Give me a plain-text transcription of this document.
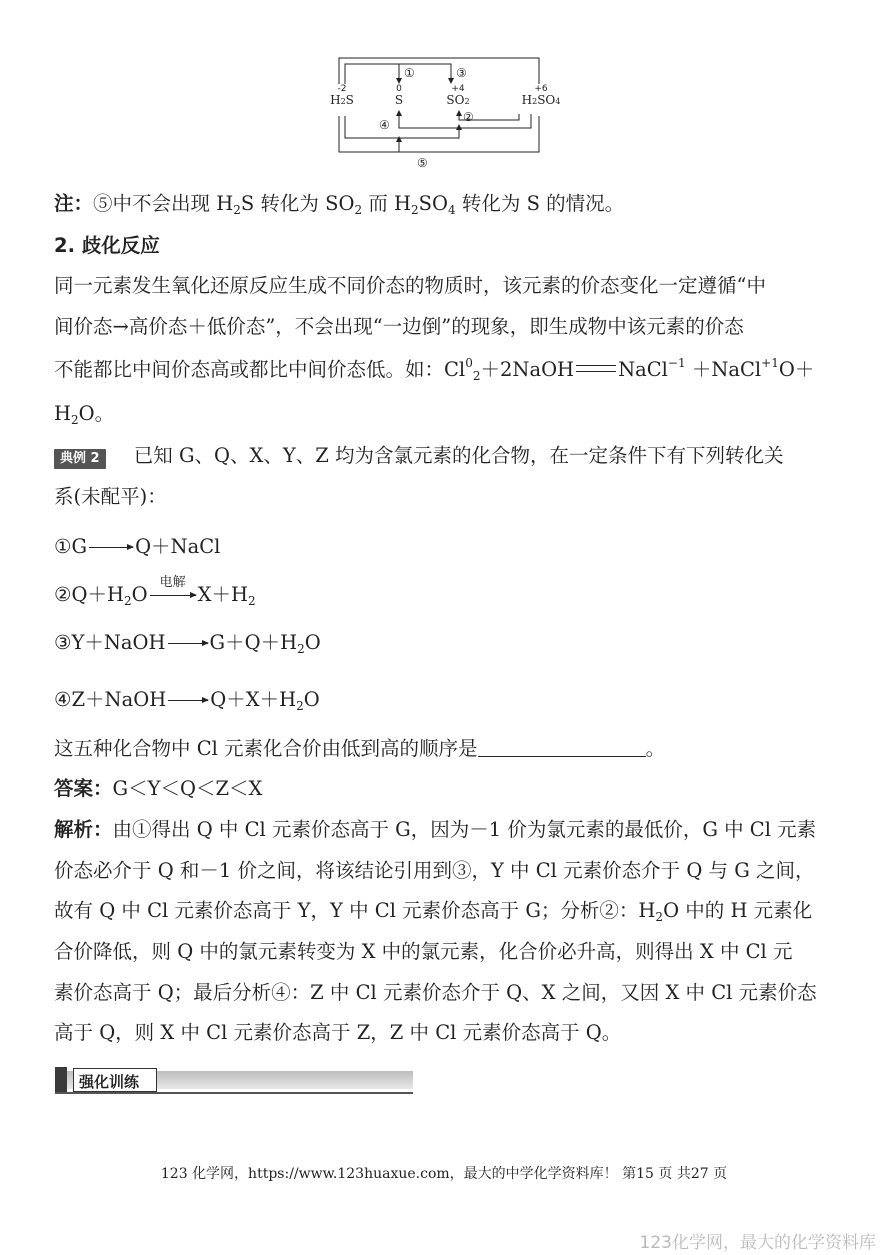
-2
H2S
0
S
+4
SO2
+6
H2SO4
①	③
②
④
⑤
注：⑤中不会出现 $H_2S$ 转化为 $SO_2$ 而 $H_2SO_4$ 转化为 S 的情况。
2. 歧化反应
同一元素发生氧化还原反应生成不同价态的物质时，该元素的价态变化一定遵循“中
间价态→高价态＋低价态”，不会出现“一边倒”的现象，即生成物中该元素的价态
不能都比中间价态高或都比中间价态低。如：$Cl^0_2+2NaOH$ NaCl$^{-1}$ ＋NaCl$^{+1}$O＋
$H_2O$。
典例 2 已知 G、Q、X、Y、Z 均为含氯元素的化合物，在一定条件下有下列转化关
系(未配平)：
①G Q＋NaCl
$②Q+H_2O$
电解
$X+H_2$
③Y＋NaOH $G+Q+H_2O$
④Z＋NaOH $Q+X+H_2O$
这五种化合物中 Cl 元素化合价由低到高的顺序是	。
答案：G＜Y＜Q＜Z＜X
解析：由①得出 Q 中 Cl 元素价态高于 G，因为－1 价为氯元素的最低价，G 中 Cl 元素
价态必介于 Q 和－1 价之间，将该结论引用到③，Y 中 Cl 元素价态介于 Q 与 G 之间，
故有 Q 中 Cl 元素价态高于 Y，Y 中 Cl 元素价态高于 G；分析②：$H_2O$ 中的 H 元素化
合价降低，则 Q 中的氯元素转变为 X 中的氯元素，化合价必升高，则得出 X 中 Cl 元
素价态高于 Q；最后分析④：Z 中 Cl 元素价态介于 Q、X 之间，又因 X 中 Cl 元素价态
高于 Q，则 X 中 Cl 元素价态高于 Z，Z 中 Cl 元素价态高于 Q。
强化训练
123 化学网，https://www.123huaxue.com，最大的中学化学资料库！ 第15 页 共27 页
123化学网，最大的化学资料库
